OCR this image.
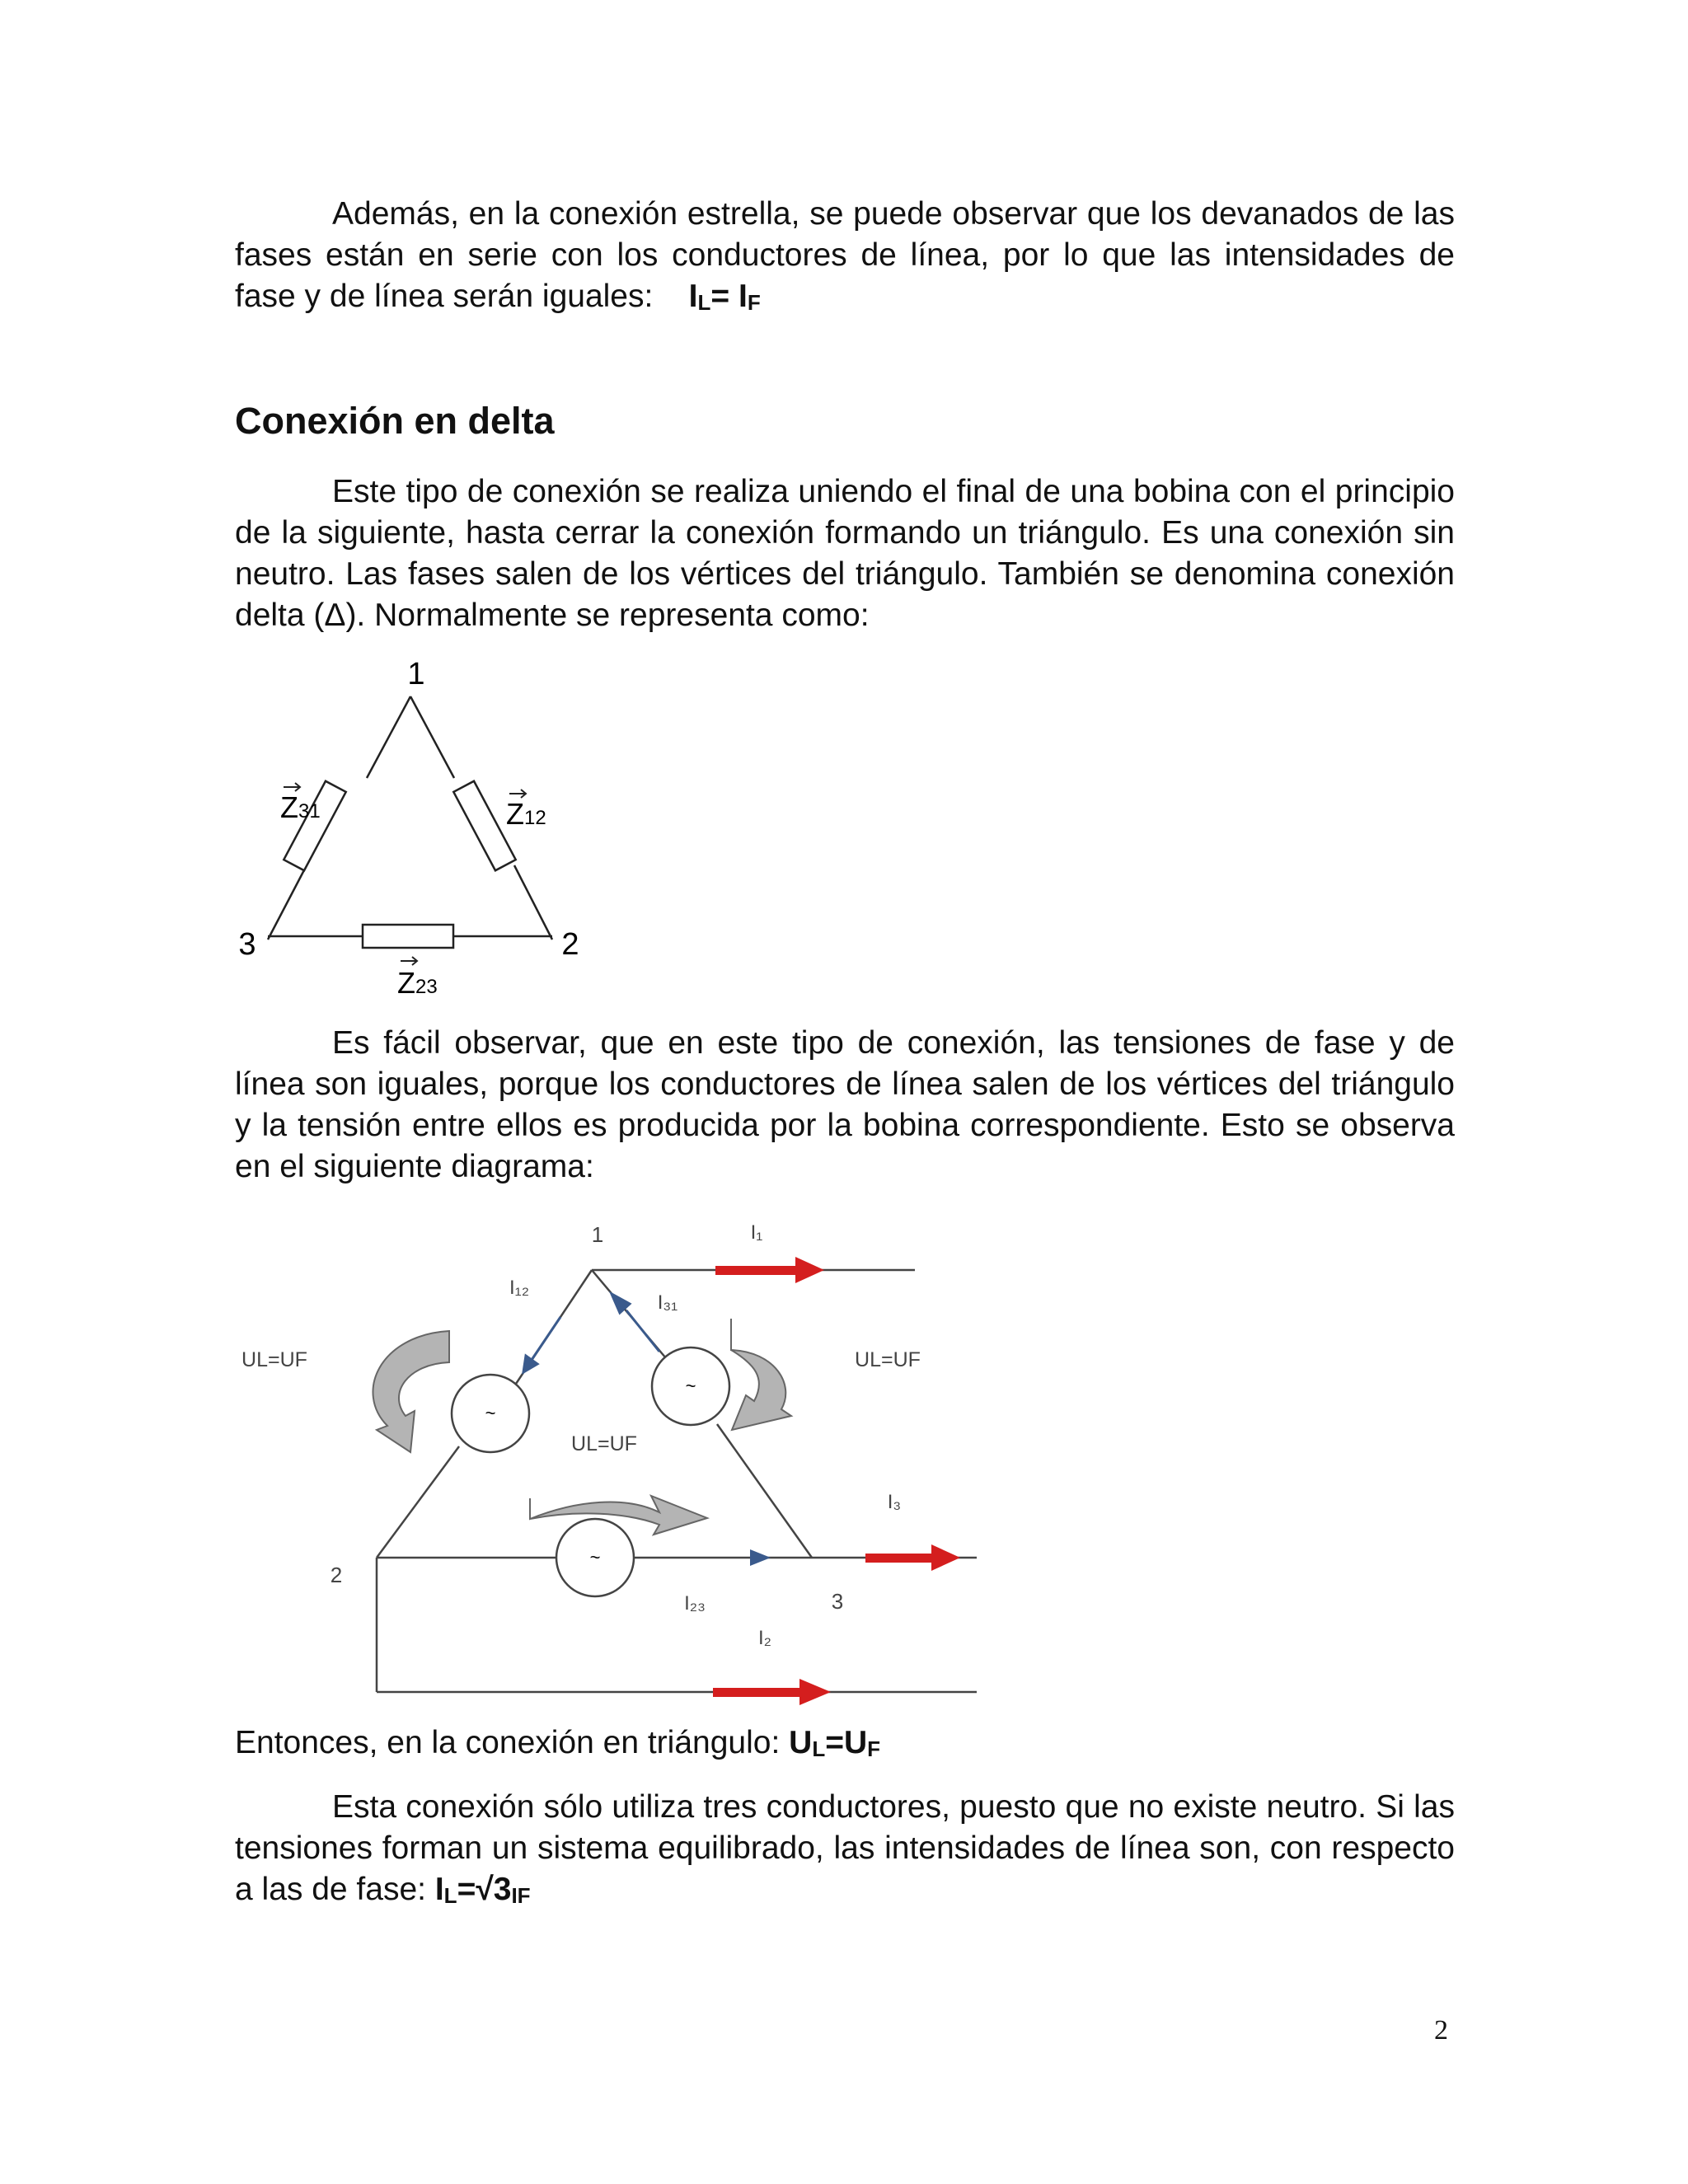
Además, en la conexión estrella, se puede observar que los devanados de las fases están en serie con los conductores de línea, por lo que las intensidades de fase y de línea serán iguales: $I_L= I_F$

Conexión en delta

Este tipo de conexión se realiza uniendo el final de una bobina con el principio de la siguiente, hasta cerrar la conexión formando un triángulo. Es una conexión sin neutro. Las fases salen de los vértices del triángulo. También se denomina conexión delta (Δ). Normalmente se representa como:

1
2
3
Z31	Z12
Z23

Es fácil observar, que en este tipo de conexión, las tensiones de fase y de línea son iguales, porque los conductores de línea salen de los vértices del triángulo y la tensión entre ellos es producida por la bobina correspondiente. Esto se observa en el siguiente diagrama:

~
~
~
1
2
3
I₁
I₁₂
I₃₁
I₃
I₂₃
I₂
UL=UF	UL=UF
UL=UF

Entonces, en la conexión en triángulo: $U_L=U_F$

Esta conexión sólo utiliza tres conductores, puesto que no existe neutro. Si las tensiones forman un sistema equilibrado, las intensidades de línea son, con respecto a las de fase: $I_L=√3_{IF}$

2
